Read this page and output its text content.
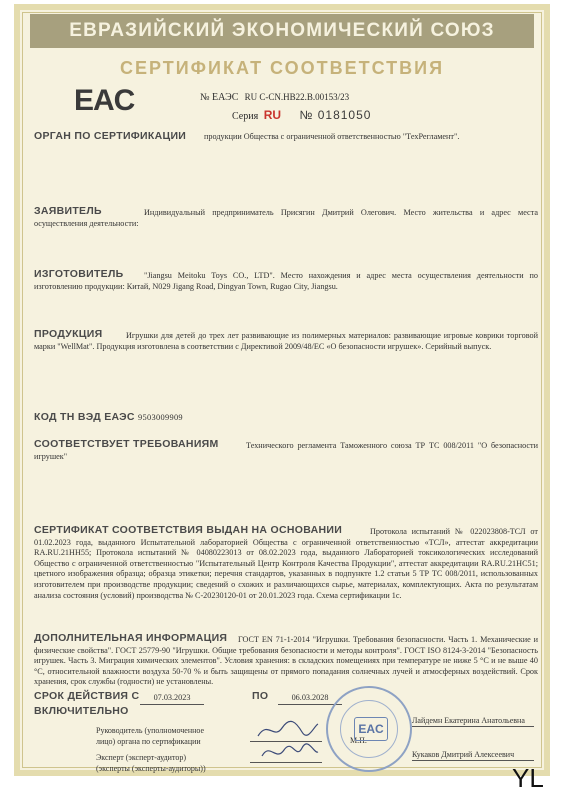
ЕВРАЗИЙСКИЙ ЭКОНОМИЧЕСКИЙ СОЮЗ
СЕРТИФИКАТ СООТВЕТСТВИЯ
EAC	№ ЕАЭС RU C-CN.HB22.B.00153/23
Серия RU № 0181050
ОРГАН ПО СЕРТИФИКАЦИИ продукции Общества с ограниченной ответственностью "ТехРегламент".
ЗАЯВИТЕЛЬ	Индивидуальный предприниматель Присягин Дмитрий Олегович. Место жительства и адрес места осуществления деятельности:
ИЗГОТОВИТЕЛЬ	"Jiangsu Meitoku Toys CO., LTD". Место нахождения и адрес места осуществления деятельности по изготовлению продукции: Китай, N029 Jigang Road, Dingyan Town, Rugao City, Jiangsu.
ПРОДУКЦИЯ	Игрушки для детей до трех лет развивающие из полимерных материалов: развивающие игровые коврики торговой марки "WellMat". Продукция изготовлена в соответствии с Директивой 2009/48/ЕС «О безопасности игрушек». Серийный выпуск.
КОД ТН ВЭД ЕАЭС 9503009909
СООТВЕТСТВУЕТ ТРЕБОВАНИЯМ	Технического регламента Таможенного союза ТР ТС 008/2011 "О безопасности игрушек"
СЕРТИФИКАТ СООТВЕТСТВИЯ ВЫДАН НА ОСНОВАНИИ	Протокола испытаний № 022023808-ТСЛ от 01.02.2023 года, выданного Испытательной лабораторией Общества с ограниченной ответственностью «ТСЛ», аттестат аккредитации RA.RU.21НН55; Протокола испытаний № 04080223013 от 08.02.2023 года, выданного Лабораторией токсикологических исследований Общество с ограниченной ответственностью "Испытательный Центр Контроля Качества Продукции", аттестат аккредитации RA.RU.21НС51; цветного изображения образца; образца этикетки; перечня стандартов, указанных в подпункте 1.2 статьи 5 ТР ТС 008/2011, использованных изготовителем при производстве продукции; сведений о схожих и различающихся сырье, материалах, комплектующих. Акта по результатам анализа состояния (условий) производства № С-20230120-01 от 20.01.2023 года. Схема сертификации 1с.
ДОПОЛНИТЕЛЬНАЯ ИНФОРМАЦИЯ	ГОСТ EN 71-1-2014 "Игрушки. Требования безопасности. Часть 1. Механические и физические свойства". ГОСТ 25779-90 "Игрушки. Общие требования безопасности и методы контроля". ГОСТ ISO 8124-3-2014 "Безопасность игрушек. Часть 3. Миграция химических элементов". Условия хранения: в складских помещениях при температуре не ниже 5 °С и не выше 40 °С, относительной влажности воздуха 50-70 % и быть защищены от прямого попадания солнечных лучей и атмосферных воздействий. Срок хранения, срок службы (годности) не установлены.
СРОК ДЕЙСТВИЯ С	07.03.2023	ПО	06.03.2028
ВКЛЮЧИТЕЛЬНО
Руководитель (уполномоченное
лицо) органа по сертификации
Лайдемн Екатерина Анатольевна
М.П.
Эксперт (эксперт-аудитор)
(эксперты (эксперты-аудиторы))
Кукаков Дмитрий Алексеевич
EAC
YL
